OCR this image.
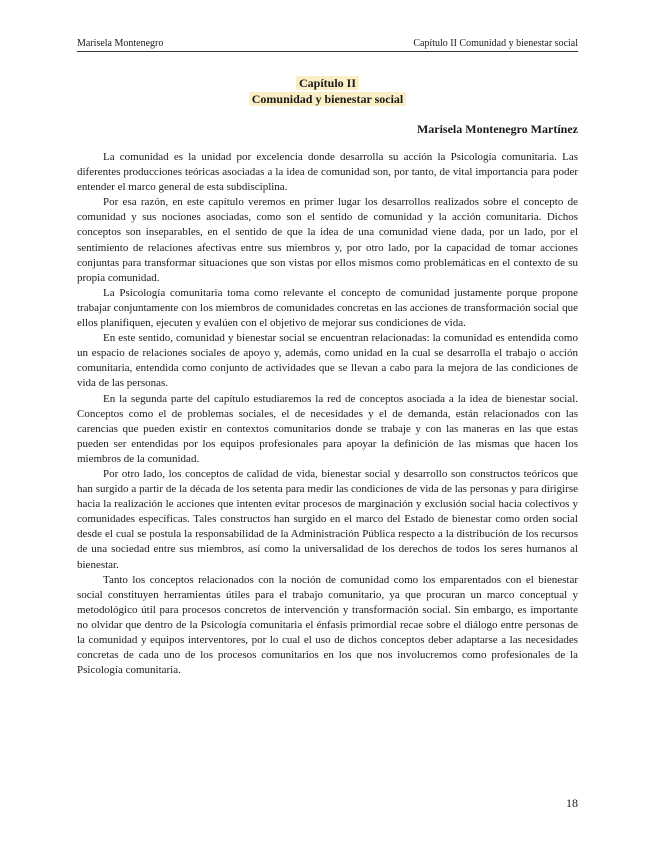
Marisela Montenegro	Capítulo II Comunidad y bienestar social
Capítulo II
Comunidad y bienestar social
Marisela Montenegro Martínez

La comunidad es la unidad por excelencia donde desarrolla su acción la Psicología comunitaria. Las diferentes producciones teóricas asociadas a la idea de comunidad son, por tanto, de vital importancia para poder entender el marco general de esta subdisciplina.

Por esa razón, en este capítulo veremos en primer lugar los desarrollos realizados sobre el concepto de comunidad y sus nociones asociadas, como son el sentido de comunidad y la acción comunitaria. Dichos conceptos son inseparables, en el sentido de que la idea de una comunidad viene dada, por un lado, por el sentimiento de relaciones afectivas entre sus miembros y, por otro lado, por la capacidad de tomar acciones conjuntas para transformar situaciones que son vistas por ellos mismos como problemáticas en el contexto de su propia comunidad.

La Psicología comunitaria toma como relevante el concepto de comunidad justamente porque propone trabajar conjuntamente con los miembros de comunidades concretas en las acciones de transformación social que ellos planifiquen, ejecuten y evalúen con el objetivo de mejorar sus condiciones de vida.

En este sentido, comunidad y bienestar social se encuentran relacionadas: la comunidad es entendida como un espacio de relaciones sociales de apoyo y, además, como unidad en la cual se desarrolla el trabajo o acción comunitaria, entendida como conjunto de actividades que se llevan a cabo para la mejora de las condiciones de vida de las personas.

En la segunda parte del capítulo estudiaremos la red de conceptos asociada a la idea de bienestar social. Conceptos como el de problemas sociales, el de necesidades y el de demanda, están relacionados con las carencias que pueden existir en contextos comunitarios donde se trabaje y con las maneras en las que estas pueden ser entendidas por los equipos profesionales para apoyar la definición de las mismas que hacen los miembros de la comunidad.

Por otro lado, los conceptos de calidad de vida, bienestar social y desarrollo son constructos teóricos que han surgido a partir de la década de los setenta para medir las condiciones de vida de las personas y para dirigirse hacia la realización le acciones que intenten evitar procesos de marginación y exclusión social hacia colectivos y comunidades específicas. Tales constructos han surgido en el marco del Estado de bienestar como orden social desde el cual se postula la responsabilidad de la Administración Pública respecto a la distribución de los recursos de una sociedad entre sus miembros, así como la universalidad de los derechos de todos los seres humanos al bienestar.

Tanto los conceptos relacionados con la noción de comunidad como los emparentados con el bienestar social constituyen herramientas útiles para el trabajo comunitario, ya que procuran un marco conceptual y metodológico útil para procesos concretos de intervención y transformación social. Sin embargo, es importante no olvidar que dentro de la Psicología comunitaria el énfasis primordial recae sobre el diálogo entre personas de la comunidad y equipos interventores, por lo cual el uso de dichos conceptos deber adaptarse a las necesidades concretas de cada uno de los procesos comunitarios en los que nos involucremos como profesionales de la Psicología comunitaria.

18
